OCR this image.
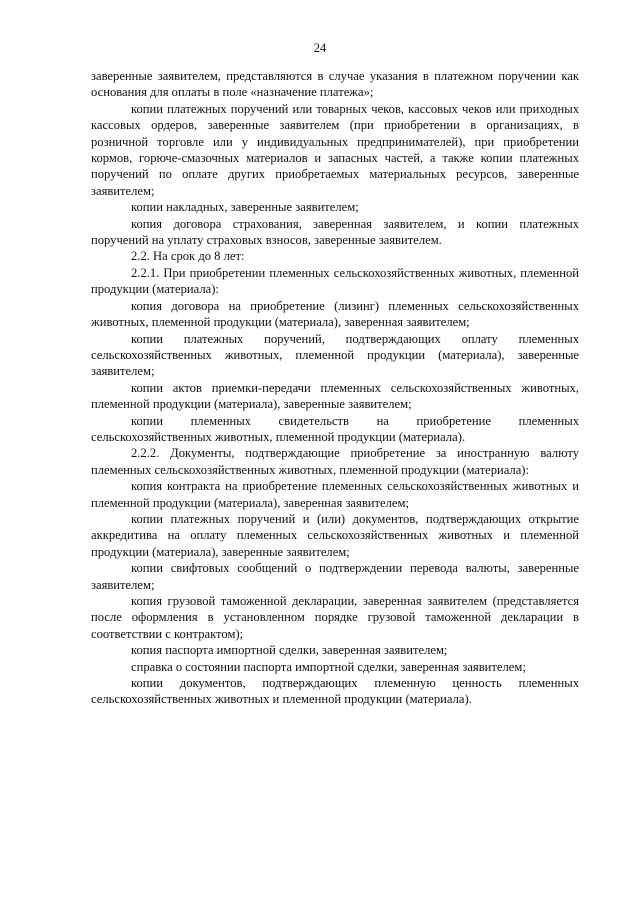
24

заверенные заявителем, представляются в случае указания в платежном поручении как основания для оплаты в поле «назначение платежа»;

копии платежных поручений или товарных чеков, кассовых чеков или приходных кассовых ордеров, заверенные заявителем (при приобретении в организациях, в розничной торговле или у индивидуальных предпринимателей), при приобретении кормов, горюче-смазочных материалов и запасных частей, а также копии платежных поручений по оплате других приобретаемых материальных ресурсов, заверенные заявителем;

копии накладных, заверенные заявителем;

копия договора страхования, заверенная заявителем, и копии платежных поручений на уплату страховых взносов, заверенные заявителем.

2.2. На срок до 8 лет:

2.2.1. При приобретении племенных сельскохозяйственных животных, племенной продукции (материала):

копия договора на приобретение (лизинг) племенных сельскохозяйственных животных, племенной продукции (материала), заверенная заявителем;

копии платежных поручений, подтверждающих оплату племенных сельскохозяйственных животных, племенной продукции (материала), заверенные заявителем;

копии актов приемки-передачи племенных сельскохозяйственных животных, племенной продукции (материала), заверенные заявителем;

копии племенных свидетельств на приобретение племенных сельскохозяйственных животных, племенной продукции (материала).

2.2.2. Документы, подтверждающие приобретение за иностранную валюту племенных сельскохозяйственных животных, племенной продукции (материала):

копия контракта на приобретение племенных сельскохозяйственных животных и племенной продукции (материала), заверенная заявителем;

копии платежных поручений и (или) документов, подтверждающих открытие аккредитива на оплату племенных сельскохозяйственных животных и племенной продукции (материала), заверенные заявителем;

копии свифтовых сообщений о подтверждении перевода валюты, заверенные заявителем;

копия грузовой таможенной декларации, заверенная заявителем (представляется после оформления в установленном порядке грузовой таможенной декларации в соответствии с контрактом);

копия паспорта импортной сделки, заверенная заявителем;

справка о состоянии паспорта импортной сделки, заверенная заявителем;

копии документов, подтверждающих племенную ценность племенных сельскохозяйственных животных и племенной продукции (материала).
